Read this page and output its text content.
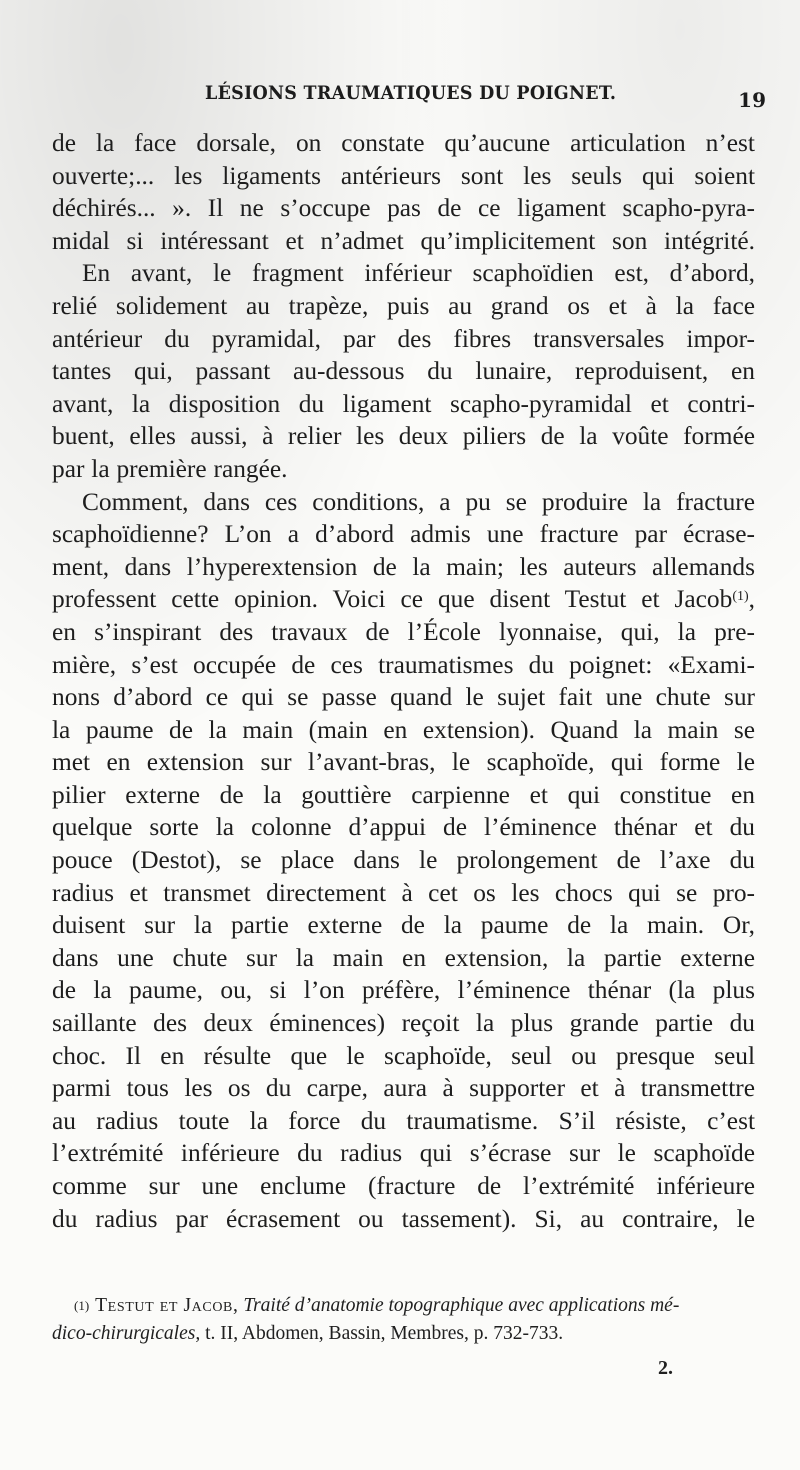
LÉSIONS TRAUMATIQUES DU POIGNET.	19
de la face dorsale, on constate qu’aucune articulation n’est
ouverte;... les ligaments antérieurs sont les seuls qui soient
déchirés... ». Il ne s’occupe pas de ce ligament scapho-pyra-
midal si intéressant et n’admet qu’implicitement son intégrité.
En avant, le fragment inférieur scaphoïdien est, d’abord,
relié solidement au trapèze, puis au grand os et à la face
antérieur du pyramidal, par des fibres transversales impor-
tantes qui, passant au-dessous du lunaire, reproduisent, en
avant, la disposition du ligament scapho-pyramidal et contri-
buent, elles aussi, à relier les deux piliers de la voûte formée
par la première rangée.
Comment, dans ces conditions, a pu se produire la fracture
scaphoïdienne? L’on a d’abord admis une fracture par écrase-
ment, dans l’hyperextension de la main; les auteurs allemands
professent cette opinion. Voici ce que disent Testut et Jacob$^{(1)}$,
en s’inspirant des travaux de l’École lyonnaise, qui, la pre-
mière, s’est occupée de ces traumatismes du poignet: «Exami-
nons d’abord ce qui se passe quand le sujet fait une chute sur
la paume de la main (main en extension). Quand la main se
met en extension sur l’avant-bras, le scaphoïde, qui forme le
pilier externe de la gouttière carpienne et qui constitue en
quelque sorte la colonne d’appui de l’éminence thénar et du
pouce (Destot), se place dans le prolongement de l’axe du
radius et transmet directement à cet os les chocs qui se pro-
duisent sur la partie externe de la paume de la main. Or,
dans une chute sur la main en extension, la partie externe
de la paume, ou, si l’on préfère, l’éminence thénar (la plus
saillante des deux éminences) reçoit la plus grande partie du
choc. Il en résulte que le scaphoïde, seul ou presque seul
parmi tous les os du carpe, aura à supporter et à transmettre
au radius toute la force du traumatisme. S’il résiste, c’est
l’extrémité inférieure du radius qui s’écrase sur le scaphoïde
comme sur une enclume (fracture de l’extrémité inférieure
du radius par écrasement ou tassement). Si, au contraire, le
$^{(1)}$ Testut et Jacob, Traité d’anatomie topographique avec applications mé-
dico-chirurgicales, t. II, Abdomen, Bassin, Membres, p. 732-733.
2.
